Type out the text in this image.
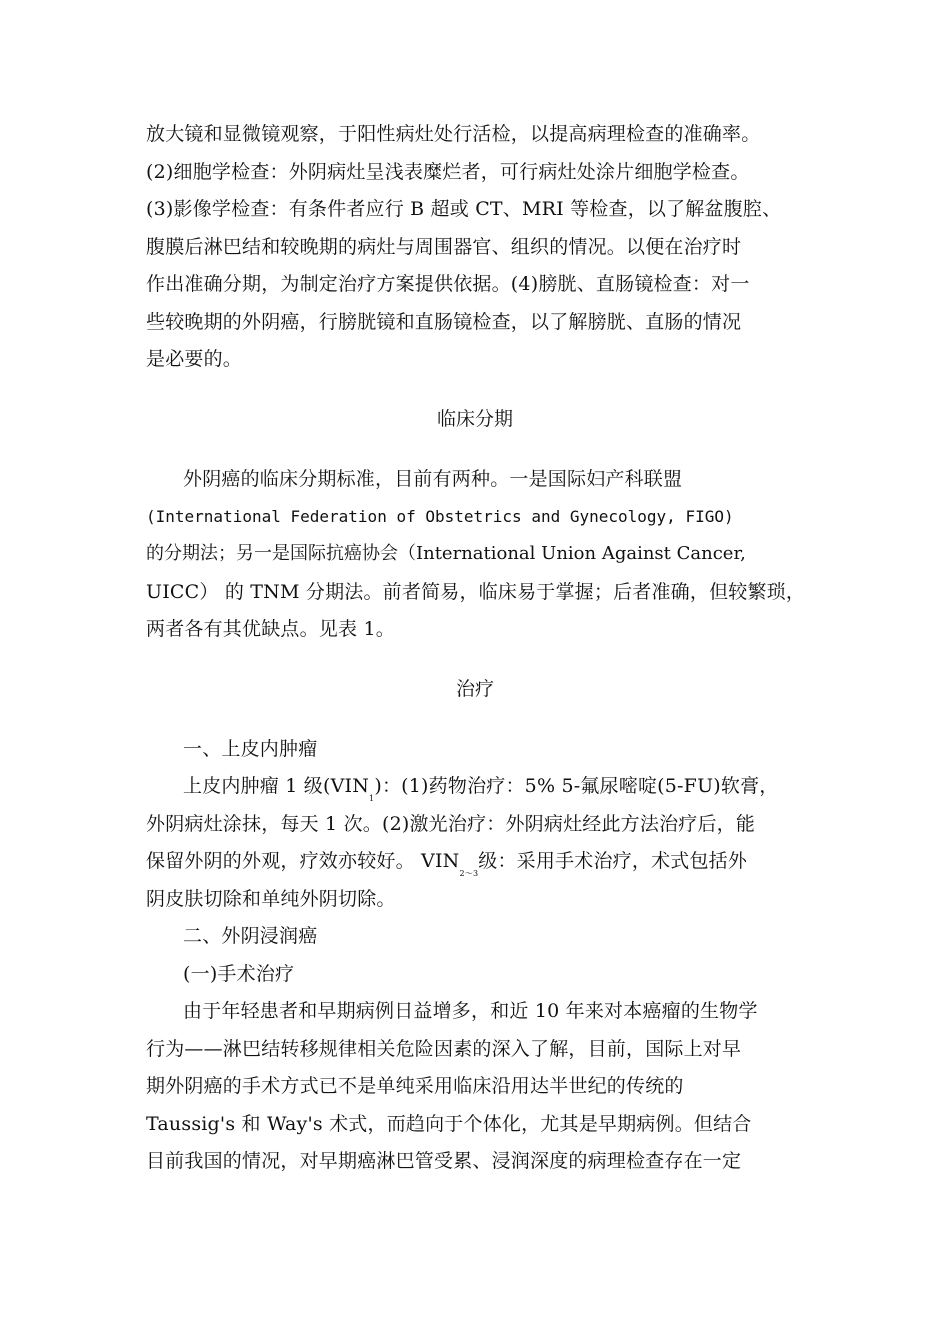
放大镜和显微镜观察，于阳性病灶处行活检，以提高病理检查的准确率。
(2)细胞学检查：外阴病灶呈浅表糜烂者，可行病灶处涂片细胞学检查。
(3)影像学检查：有条件者应行 B 超或 CT、MRI 等检查，以了解盆腹腔、
腹膜后淋巴结和较晚期的病灶与周围器官、组织的情况。以便在治疗时
作出准确分期，为制定治疗方案提供依据。(4)膀胱、直肠镜检查：对一
些较晚期的外阴癌，行膀胱镜和直肠镜检查，以了解膀胱、直肠的情况
是必要的。
临床分期
外阴癌的临床分期标准，目前有两种。一是国际妇产科联盟
(International Federation of Obstetrics and Gynecology, FIGO)
的分期法；另一是国际抗癌协会（International Union Against Cancer,
UICC） 的 TNM 分期法。前者简易，临床易于掌握；后者准确，但较繁琐，
两者各有其优缺点。见表 1。
治疗
一、上皮内肿瘤
上皮内肿瘤 1 级$(VIN_1)$：(1)药物治疗：5% 5-氟尿嘧啶(5-FU)软膏，
外阴病灶涂抹，每天 1 次。(2)激光治疗：外阴病灶经此方法治疗后，能
保留外阴的外观，疗效亦较好。 $VIN_{2\sim 3}$级：采用手术治疗，术式包括外
阴皮肤切除和单纯外阴切除。
二、外阴浸润癌
(一)手术治疗
由于年轻患者和早期病例日益增多，和近 10 年来对本癌瘤的生物学
行为——淋巴结转移规律相关危险因素的深入了解，目前，国际上对早
期外阴癌的手术方式已不是单纯采用临床沿用达半世纪的传统的
Taussig's 和 Way's 术式，而趋向于个体化，尤其是早期病例。但结合
目前我国的情况，对早期癌淋巴管受累、浸润深度的病理检查存在一定
